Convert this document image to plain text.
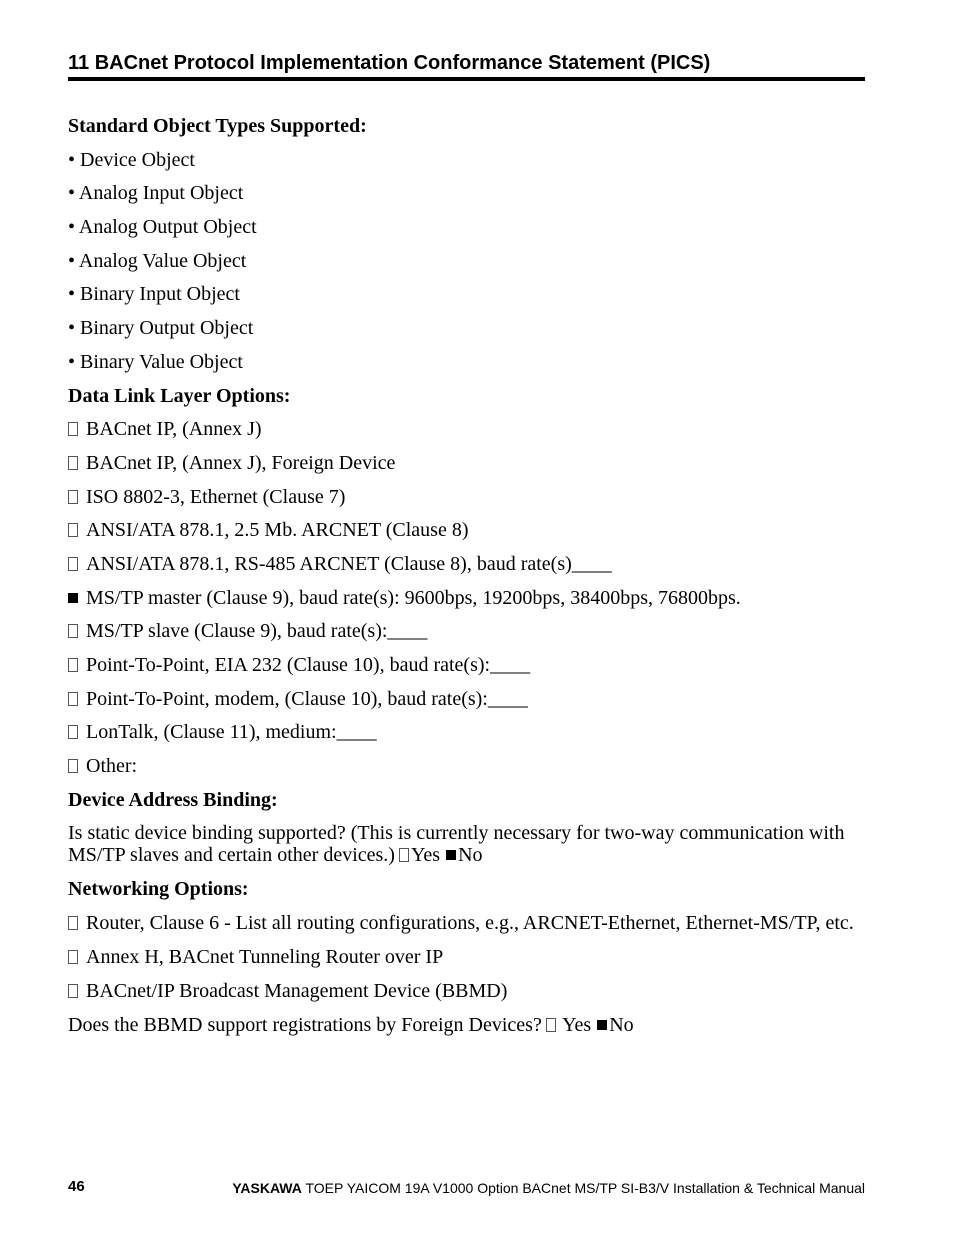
11 BACnet Protocol Implementation Conformance Statement (PICS)
Standard Object Types Supported:
• Device Object
• Analog Input Object
• Analog Output Object
• Analog Value Object
• Binary Input Object
• Binary Output Object
• Binary Value Object
Data Link Layer Options:
BACnet IP, (Annex J)
BACnet IP, (Annex J), Foreign Device
ISO 8802-3, Ethernet (Clause 7)
ANSI/ATA 878.1, 2.5 Mb. ARCNET (Clause 8)
ANSI/ATA 878.1, RS-485 ARCNET (Clause 8), baud rate(s)____
MS/TP master (Clause 9), baud rate(s): 9600bps, 19200bps, 38400bps, 76800bps.
MS/TP slave (Clause 9), baud rate(s):____
Point-To-Point, EIA 232 (Clause 10), baud rate(s):____
Point-To-Point, modem, (Clause 10), baud rate(s):____
LonTalk, (Clause 11), medium:____
Other:
Device Address Binding:
Is static device binding supported? (This is currently necessary for two-way communication with MS/TP slaves and certain other devices.) Yes No
Networking Options:
Router, Clause 6 - List all routing configurations, e.g., ARCNET-Ethernet, Ethernet-MS/TP, etc.
Annex H, BACnet Tunneling Router over IP
BACnet/IP Broadcast Management Device (BBMD)
Does the BBMD support registrations by Foreign Devices? Yes No
46	YASKAWA TOEP YAICOM 19A V1000 Option BACnet MS/TP SI-B3/V Installation & Technical Manual
